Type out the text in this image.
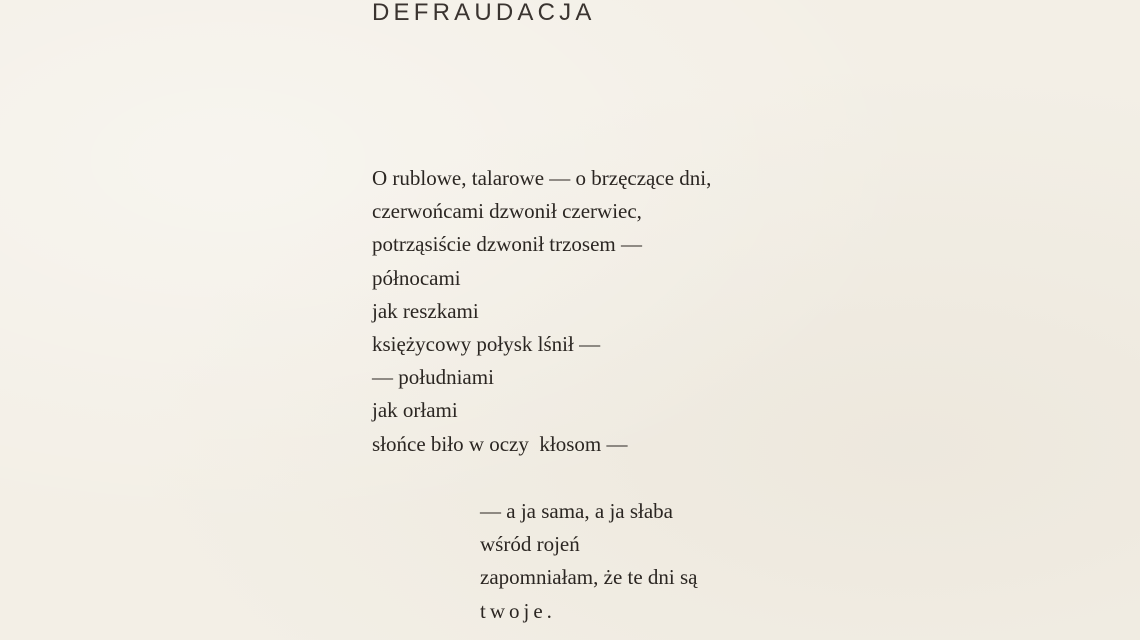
DEFRAUDACJA
O rublowe, talarowe — o brzęczące dni,
czerwońcami dzwonił czerwiec,
potrząsiście dzwonił trzosem —
północami
jak reszkami
księżycowy połysk lśnił —
— południami
jak orłami
słońce biło w oczy  kłosom —
— a ja sama, a ja słaba
wśród rojeń
zapomniałam, że te dni są
twoje.
